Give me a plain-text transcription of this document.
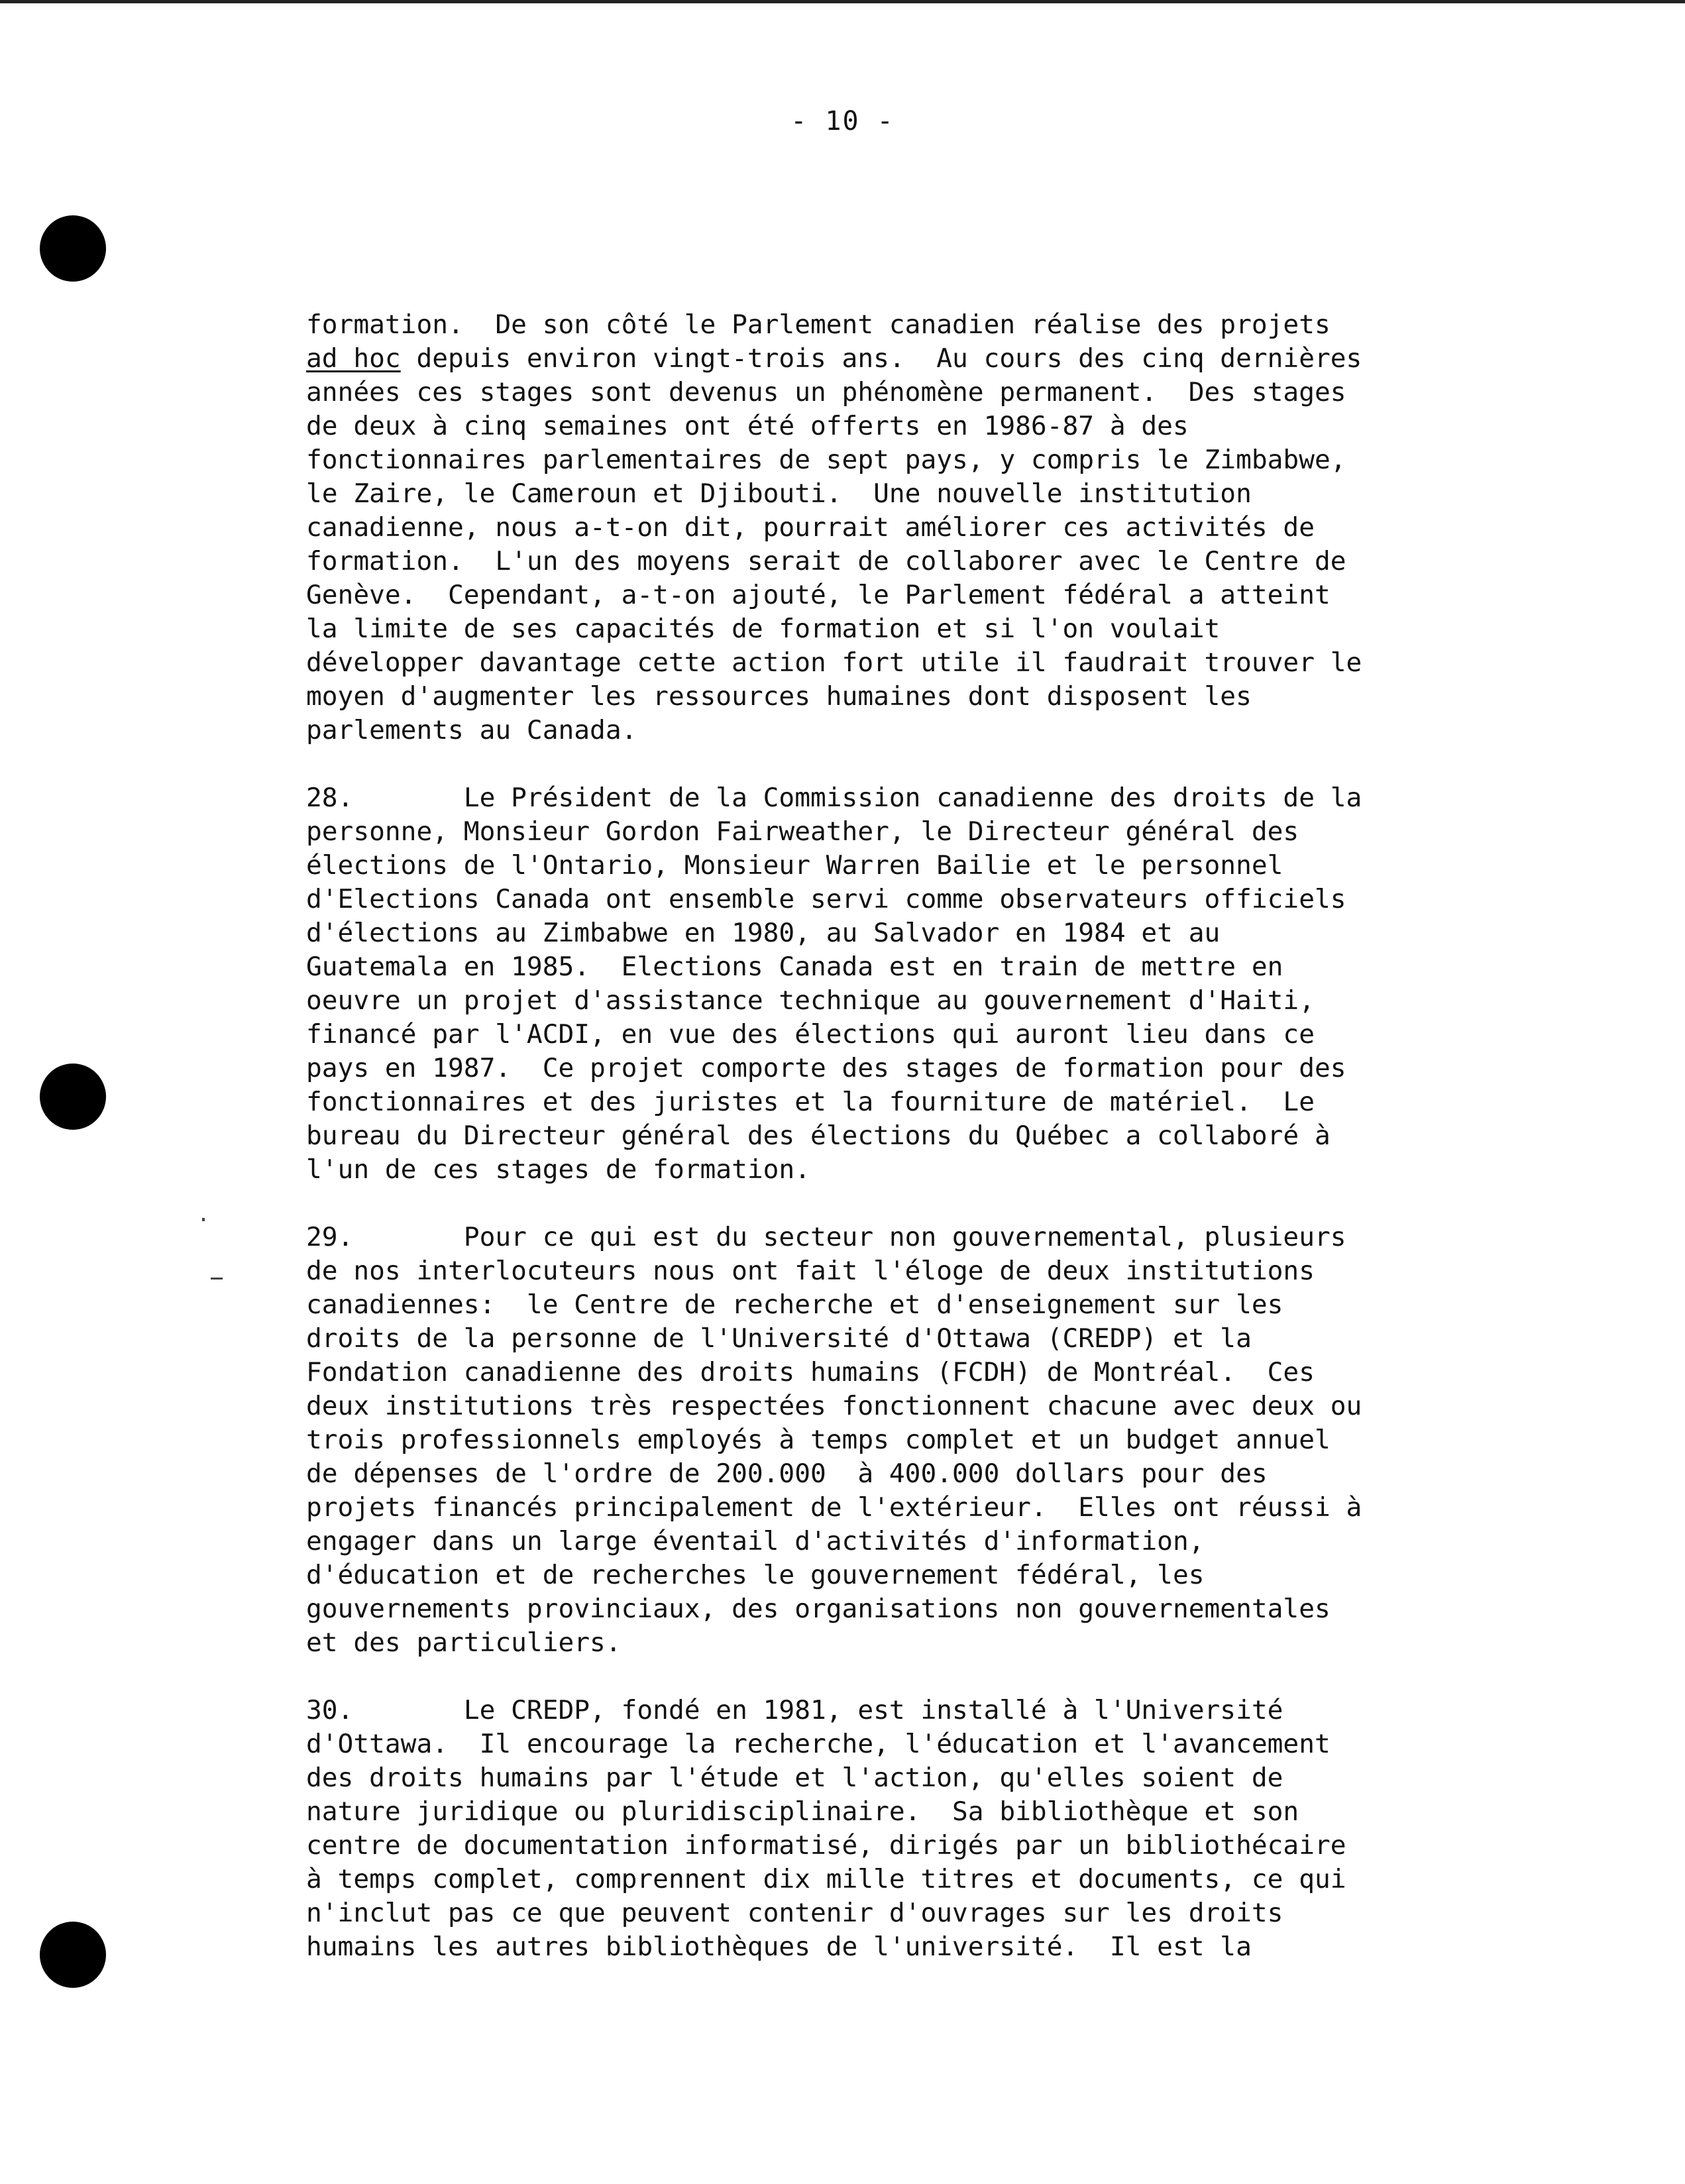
- 10 -
formation.  De son côté le Parlement canadien réalise des projets
ad hoc depuis environ vingt-trois ans.  Au cours des cinq dernières
années ces stages sont devenus un phénomène permanent.  Des stages
de deux à cinq semaines ont été offerts en 1986-87 à des
fonctionnaires parlementaires de sept pays, y compris le Zimbabwe,
le Zaire, le Cameroun et Djibouti.  Une nouvelle institution
canadienne, nous a-t-on dit, pourrait améliorer ces activités de
formation.  L'un des moyens serait de collaborer avec le Centre de
Genève.  Cependant, a-t-on ajouté, le Parlement fédéral a atteint
la limite de ses capacités de formation et si l'on voulait
développer davantage cette action fort utile il faudrait trouver le
moyen d'augmenter les ressources humaines dont disposent les
parlements au Canada.
28.	Le Président de la Commission canadienne des droits de la
personne, Monsieur Gordon Fairweather, le Directeur général des
élections de l'Ontario, Monsieur Warren Bailie et le personnel
d'Elections Canada ont ensemble servi comme observateurs officiels
d'élections au Zimbabwe en 1980, au Salvador en 1984 et au
Guatemala en 1985.  Elections Canada est en train de mettre en
oeuvre un projet d'assistance technique au gouvernement d'Haiti,
financé par l'ACDI, en vue des élections qui auront lieu dans ce
pays en 1987.  Ce projet comporte des stages de formation pour des
fonctionnaires et des juristes et la fourniture de matériel.  Le
bureau du Directeur général des élections du Québec a collaboré à
l'un de ces stages de formation.
29.	Pour ce qui est du secteur non gouvernemental, plusieurs
de nos interlocuteurs nous ont fait l'éloge de deux institutions
canadiennes:  le Centre de recherche et d'enseignement sur les
droits de la personne de l'Université d'Ottawa (CREDP) et la
Fondation canadienne des droits humains (FCDH) de Montréal.  Ces
deux institutions très respectées fonctionnent chacune avec deux ou
trois professionnels employés à temps complet et un budget annuel
de dépenses de l'ordre de 200.000  à 400.000 dollars pour des
projets financés principalement de l'extérieur.  Elles ont réussi à
engager dans un large éventail d'activités d'information,
d'éducation et de recherches le gouvernement fédéral, les
gouvernements provinciaux, des organisations non gouvernementales
et des particuliers.
30.	Le CREDP, fondé en 1981, est installé à l'Université
d'Ottawa.  Il encourage la recherche, l'éducation et l'avancement
des droits humains par l'étude et l'action, qu'elles soient de
nature juridique ou pluridisciplinaire.  Sa bibliothèque et son
centre de documentation informatisé, dirigés par un bibliothécaire
à temps complet, comprennent dix mille titres et documents, ce qui
n'inclut pas ce que peuvent contenir d'ouvrages sur les droits
humains les autres bibliothèques de l'université.  Il est la
